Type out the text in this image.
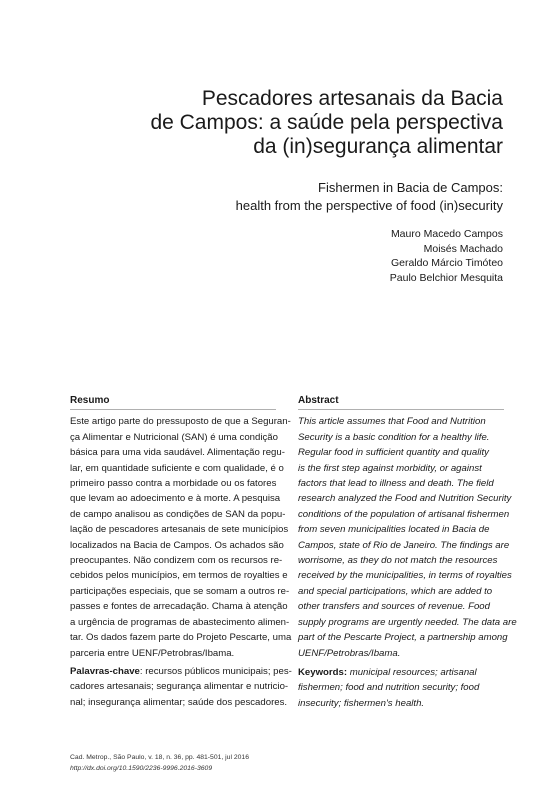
Pescadores artesanais da Bacia
de Campos: a saúde pela perspectiva
da (in)segurança alimentar
Fishermen in Bacia de Campos:
health from the perspective of food (in)security
Mauro Macedo Campos
Moisés Machado
Geraldo Márcio Timóteo
Paulo Belchior Mesquita
Resumo
Este artigo parte do pressuposto de que a Seguran-
ça Alimentar e Nutricional (SAN) é uma condição
básica para uma vida saudável. Alimentação regu-
lar, em quantidade suficiente e com qualidade, é o
primeiro passo contra a morbidade ou os fatores
que levam ao adoecimento e à morte. A pesquisa
de campo analisou as condições de SAN da popu-
lação de pescadores artesanais de sete municípios
localizados na Bacia de Campos. Os achados são
preocupantes. Não condizem com os recursos re-
cebidos pelos municípios, em termos de royalties e
participações especiais, que se somam a outros re-
passes e fontes de arrecadação. Chama à atenção
a urgência de programas de abastecimento alimen-
tar. Os dados fazem parte do Projeto Pescarte, uma
parceria entre UENF/Petrobras/Ibama.
Palavras-chave: recursos públicos municipais; pes-
cadores artesanais; segurança alimentar e nutricio-
nal; insegurança alimentar; saúde dos pescadores.
Abstract
This article assumes that Food and Nutrition
Security is a basic condition for a healthy life.
Regular food in sufficient quantity and quality
is the first step against morbidity, or against
factors that lead to illness and death. The field
research analyzed the Food and Nutrition Security
conditions of the population of artisanal fishermen
from seven municipalities located in Bacia de
Campos, state of Rio de Janeiro. The findings are
worrisome, as they do not match the resources
received by the municipalities, in terms of royalties
and special participations, which are added to
other transfers and sources of revenue. Food
supply programs are urgently needed. The data are
part of the Pescarte Project, a partnership among
UENF/Petrobras/Ibama.
Keywords: municipal resources; artisanal
fishermen; food and nutrition security; food
insecurity; fishermen's health.
Cad. Metrop., São Paulo, v. 18, n. 36, pp. 481-501, jul 2016
http://dx.doi.org/10.1590/2236-9996.2016-3609
